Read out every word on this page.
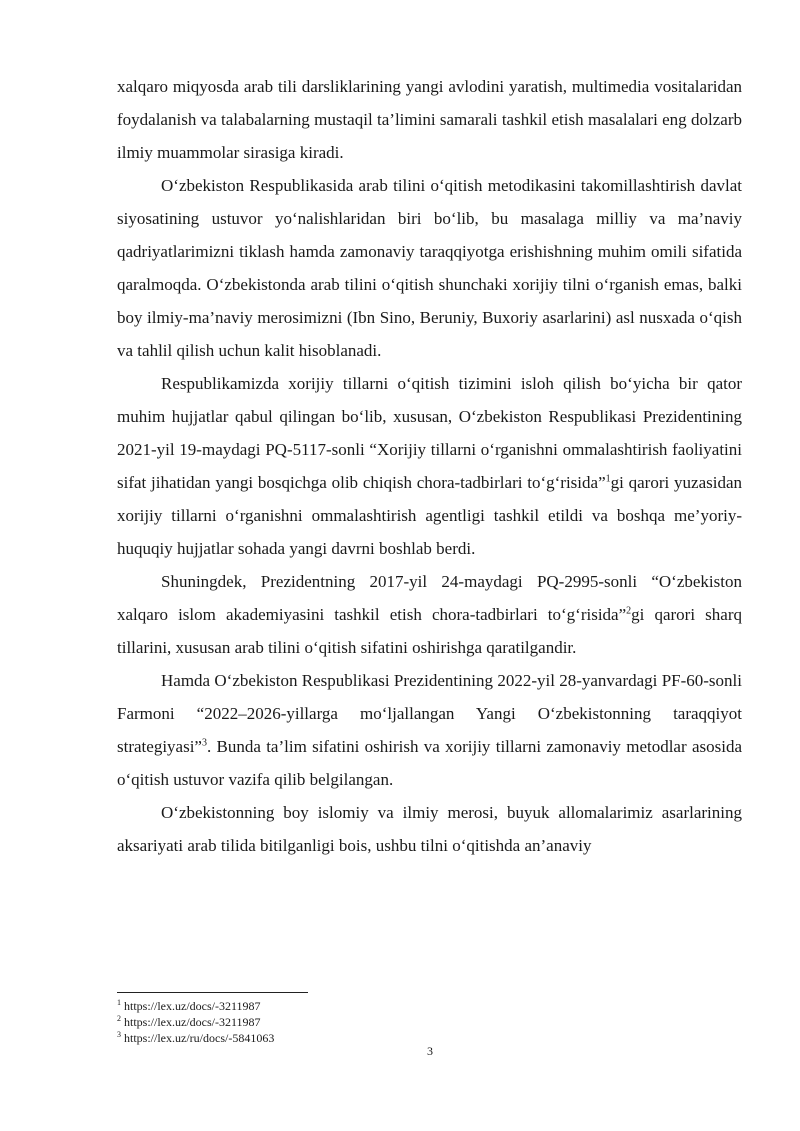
xalqaro miqyosda arab tili darsliklarining yangi avlodini yaratish, multimedia vositalaridan foydalanish va talabalarning mustaqil ta’limini samarali tashkil etish masalalari eng dolzarb ilmiy muammolar sirasiga kiradi.

O‘zbekiston Respublikasida arab tilini o‘qitish metodikasini takomillashtirish davlat siyosatining ustuvor yo‘nalishlaridan biri bo‘lib, bu masalaga milliy va ma’naviy qadriyatlarimizni tiklash hamda zamonaviy taraqqiyotga erishishning muhim omili sifatida qaralmoqda. O‘zbekistonda arab tilini o‘qitish shunchaki xorijiy tilni o‘rganish emas, balki boy ilmiy-ma’naviy merosimizni (Ibn Sino, Beruniy, Buxoriy asarlarini) asl nusxada o‘qish va tahlil qilish uchun kalit hisoblanadi.

Respublikamizda xorijiy tillarni o‘qitish tizimini isloh qilish bo‘yicha bir qator muhim hujjatlar qabul qilingan bo‘lib, xususan, O‘zbekiston Respublikasi Prezidentining 2021-yil 19-maydagi PQ-5117-sonli “Xorijiy tillarni o‘rganishni ommalashtirish faoliyatini sifat jihatidan yangi bosqichga olib chiqish chora-tadbirlari to‘g‘risida”$^1$gi qarori yuzasidan xorijiy tillarni o‘rganishni ommalashtirish agentligi tashkil etildi va boshqa me’yoriy-huquqiy hujjatlar sohada yangi davrni boshlab berdi.

Shuningdek, Prezidentning 2017-yil 24-maydagi PQ-2995-sonli “O‘zbekiston xalqaro islom akademiyasini tashkil etish chora-tadbirlari to‘g‘risida”$^2$gi qarori sharq tillarini, xususan arab tilini o‘qitish sifatini oshirishga qaratilgandir.

Hamda O‘zbekiston Respublikasi Prezidentining 2022-yil 28-yanvardagi PF-60-sonli Farmoni “2022–2026-yillarga mo‘ljallangan Yangi O‘zbekistonning taraqqiyot strategiyasi”$^3$. Bunda ta’lim sifatini oshirish va xorijiy tillarni zamonaviy metodlar asosida o‘qitish ustuvor vazifa qilib belgilangan.

O‘zbekistonning boy islomiy va ilmiy merosi, buyuk allomalarimiz asarlarining aksariyati arab tilida bitilganligi bois, ushbu tilni o‘qitishda an’anaviy

$^1$ https://lex.uz/docs/-3211987
$^2$ https://lex.uz/docs/-3211987
$^3$ https://lex.uz/ru/docs/-5841063
3
